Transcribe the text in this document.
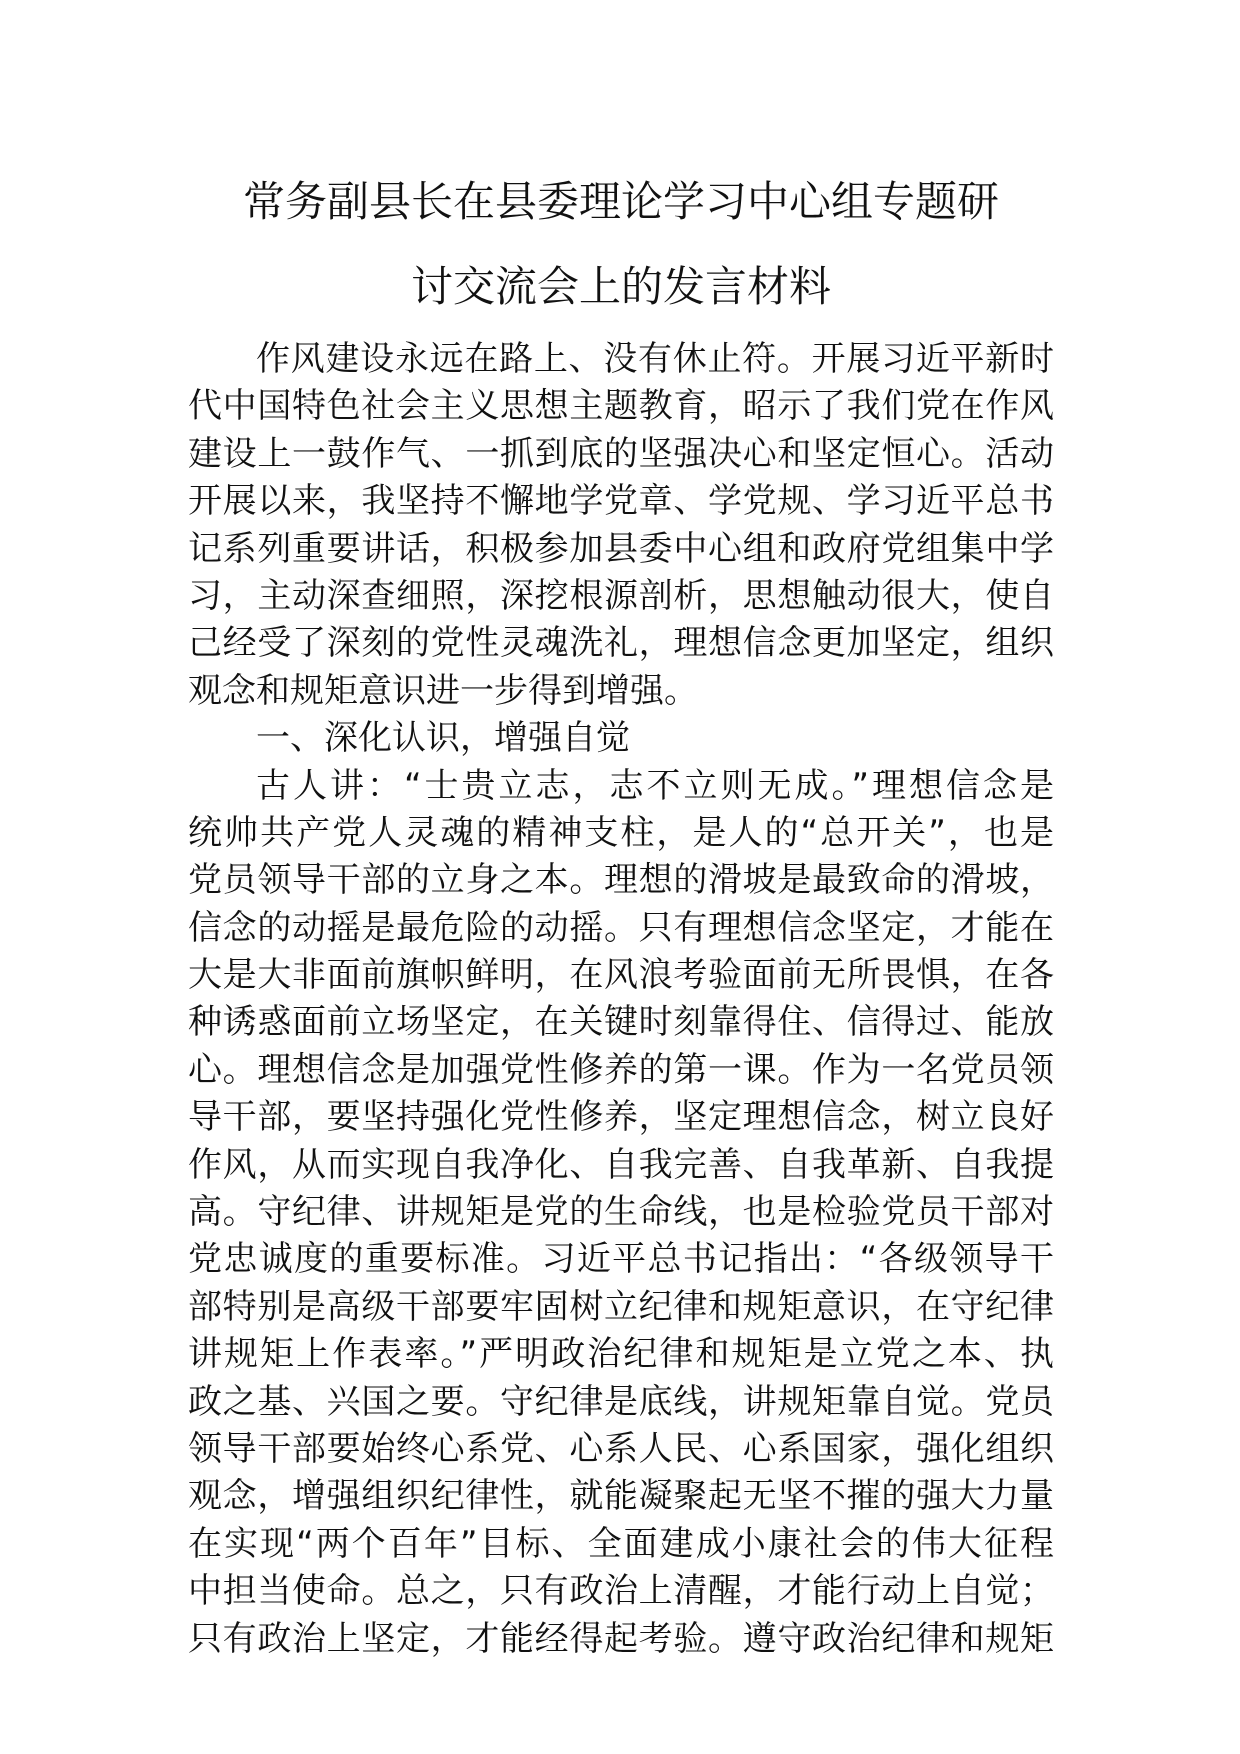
常务副县长在县委理论学习中心组专题研
讨交流会上的发言材料
作风建设永远在路上、没有休止符。开展习近平新时
代中国特色社会主义思想主题教育，昭示了我们党在作风
建设上一鼓作气、一抓到底的坚强决心和坚定恒心。活动
开展以来，我坚持不懈地学党章、学党规、学习近平总书
记系列重要讲话，积极参加县委中心组和政府党组集中学
习，主动深查细照，深挖根源剖析，思想触动很大，使自
己经受了深刻的党性灵魂洗礼，理想信念更加坚定，组织
观念和规矩意识进一步得到增强。
一、深化认识，增强自觉
古人讲：“士贵立志，志不立则无成。”理想信念是
统帅共产党人灵魂的精神支柱，是人的“总开关”，也是
党员领导干部的立身之本。理想的滑坡是最致命的滑坡，
信念的动摇是最危险的动摇。只有理想信念坚定，才能在
大是大非面前旗帜鲜明，在风浪考验面前无所畏惧，在各
种诱惑面前立场坚定，在关键时刻靠得住、信得过、能放
心。理想信念是加强党性修养的第一课。作为一名党员领
导干部，要坚持强化党性修养，坚定理想信念，树立良好
作风，从而实现自我净化、自我完善、自我革新、自我提
高。守纪律、讲规矩是党的生命线，也是检验党员干部对
党忠诚度的重要标准。习近平总书记指出：“各级领导干
部特别是高级干部要牢固树立纪律和规矩意识，在守纪律
讲规矩上作表率。”严明政治纪律和规矩是立党之本、执
政之基、兴国之要。守纪律是底线，讲规矩靠自觉。党员
领导干部要始终心系党、心系人民、心系国家，强化组织
观念，增强组织纪律性，就能凝聚起无坚不摧的强大力量
在实现“两个百年”目标、全面建成小康社会的伟大征程
中担当使命。总之，只有政治上清醒，才能行动上自觉；
只有政治上坚定，才能经得起考验。遵守政治纪律和规矩
